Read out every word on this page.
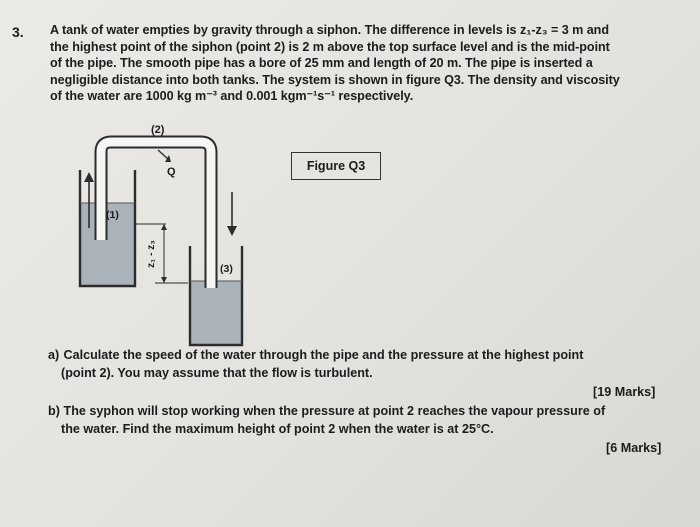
3. A tank of water empties by gravity through a siphon. The difference in levels is z₁-z₃ = 3 m and
the highest point of the siphon (point 2) is 2 m above the top surface level and is the mid-point
of the pipe. The smooth pipe has a bore of 25 mm and length of 20 m. The pipe is inserted a
negligible distance into both tanks. The system is shown in figure Q3. The density and viscosity
of the water are 1000 kg m⁻³ and 0.001 kgm⁻¹s⁻¹ respectively.
(2)
Q
(1)
(3)
z₁ - z₃
Figure Q3
a) Calculate the speed of the water through the pipe and the pressure at the highest point
(point 2). You may assume that the flow is turbulent.
[19 Marks]
b) The syphon will stop working when the pressure at point 2 reaches the vapour pressure of
the water. Find the maximum height of point 2 when the water is at 25°C.
[6 Marks]
